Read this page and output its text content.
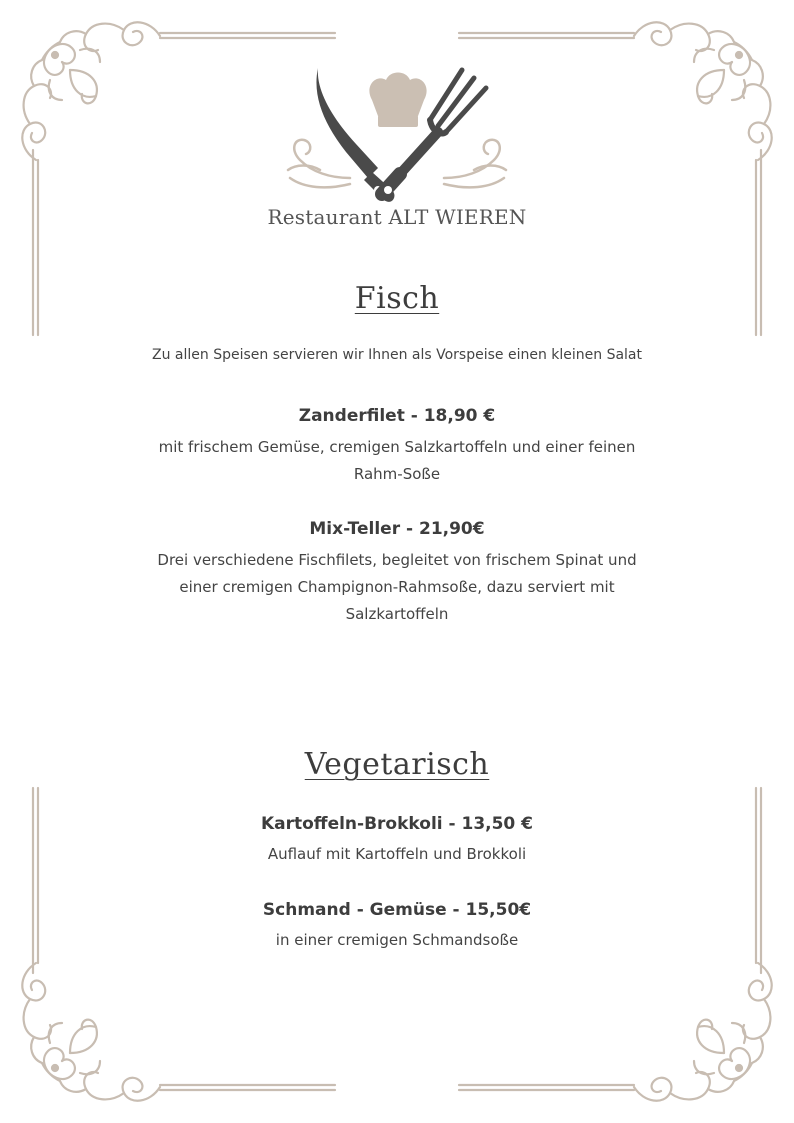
Restaurant ALT WIEREN
Fisch
Zu allen Speisen servieren wir Ihnen als Vorspeise einen kleinen Salat
Zanderfilet - 18,90 €
mit frischem Gemüse, cremigen Salzkartoffeln und einer feinen Rahm-Soße
Mix-Teller - 21,90€
Drei verschiedene Fischfilets, begleitet von frischem Spinat und einer cremigen Champignon-Rahmsoße, dazu serviert mit Salzkartoffeln
Vegetarisch
Kartoffeln-Brokkoli - 13,50 €
Auflauf mit Kartoffeln und Brokkoli
Schmand - Gemüse - 15,50€
in einer cremigen Schmandsoße
